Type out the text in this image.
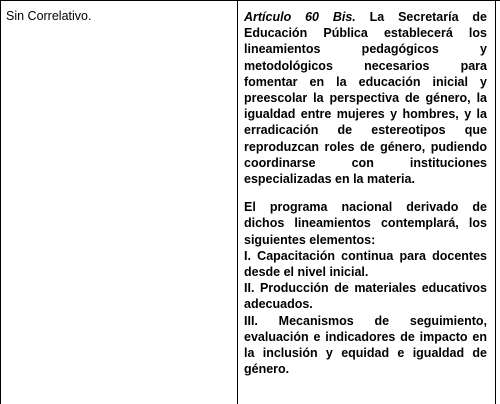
Sin Correlativo.	Artículo 60 Bis. La Secretaría de Educación Pública establecerá los lineamientos pedagógicos y metodológicos necesarios para fomentar en la educación inicial y preescolar la perspectiva de género, la igualdad entre mujeres y hombres, y la erradicación de estereotipos que reproduzcan roles de género, pudiendo coordinarse con instituciones especializadas en la materia.

El programa nacional derivado de dichos lineamientos contemplará, los siguientes elementos:
I. Capacitación continua para docentes desde el nivel inicial.
II. Producción de materiales educativos adecuados.
III. Mecanismos de seguimiento, evaluación e indicadores de impacto en la inclusión y equidad e igualdad de género.
